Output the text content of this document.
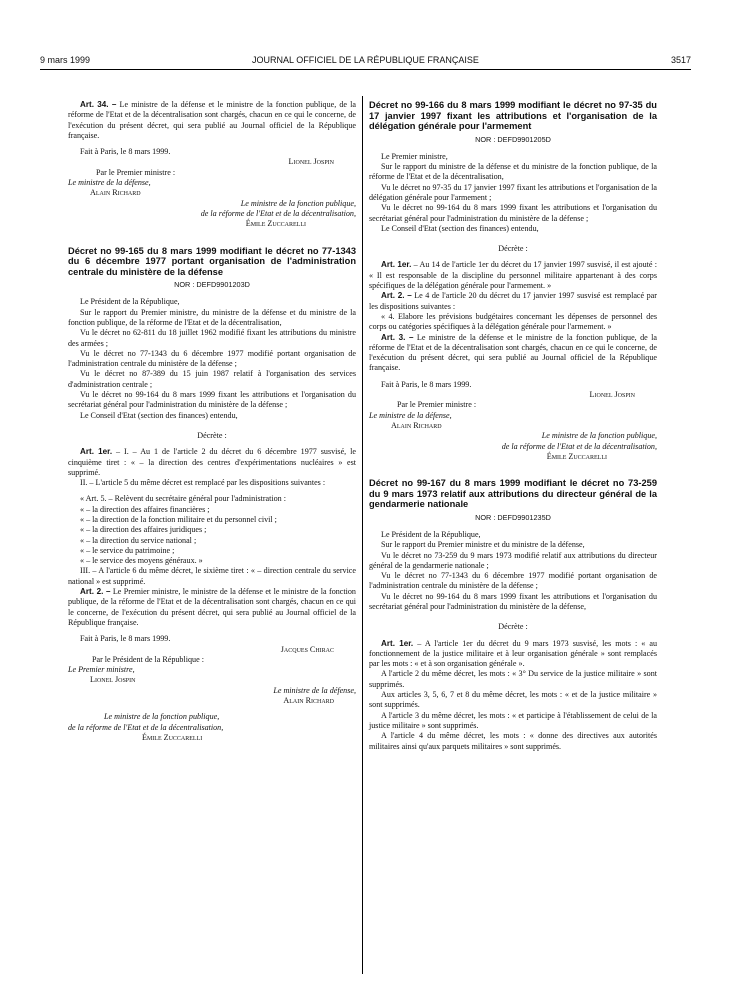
9 mars 1999	JOURNAL OFFICIEL DE LA RÉPUBLIQUE FRANÇAISE	3517

Art. 34. – Le ministre de la défense et le ministre de la fonction publique, de la réforme de l'Etat et de la décentralisation sont chargés, chacun en ce qui le concerne, de l'exécution du présent décret, qui sera publié au Journal officiel de la République française.

Fait à Paris, le 8 mars 1999.

Lionel Jospin

Par le Premier ministre :

Le ministre de la défense,

Alain Richard

Le ministre de la fonction publique,

de la réforme de l'Etat et de la décentralisation,

Émile Zuccarelli

Décret no 99-165 du 8 mars 1999 modifiant le décret no 77-1343 du 6 décembre 1977 portant organisation de l'administration centrale du ministère de la défense

NOR : DEFD9901203D

Le Président de la République,

Sur le rapport du Premier ministre, du ministre de la défense et du ministre de la fonction publique, de la réforme de l'Etat et de la décentralisation,

Vu le décret no 62-811 du 18 juillet 1962 modifié fixant les attributions du ministre des armées ;

Vu le décret no 77-1343 du 6 décembre 1977 modifié portant organisation de l'administration centrale du ministère de la défense ;

Vu le décret no 87-389 du 15 juin 1987 relatif à l'organisation des services d'administration centrale ;

Vu le décret no 99-164 du 8 mars 1999 fixant les attributions et l'organisation du secrétariat général pour l'administration du ministère de la défense ;

Le Conseil d'Etat (section des finances) entendu,

Décrète :

Art. 1er. – I. – Au 1 de l'article 2 du décret du 6 décembre 1977 susvisé, le cinquième tiret : « – la direction des centres d'expérimentations nucléaires » est supprimé.

II. – L'article 5 du même décret est remplacé par les dispositions suivantes :

« Art. 5. – Relèvent du secrétaire général pour l'administration :

« – la direction des affaires financières ;

« – la direction de la fonction militaire et du personnel civil ;

« – la direction des affaires juridiques ;

« – la direction du service national ;

« – le service du patrimoine ;

« – le service des moyens généraux. »

III. – A l'article 6 du même décret, le sixième tiret : « – direction centrale du service national » est supprimé.

Art. 2. – Le Premier ministre, le ministre de la défense et le ministre de la fonction publique, de la réforme de l'Etat et de la décentralisation sont chargés, chacun en ce qui le concerne, de l'exécution du présent décret, qui sera publié au Journal officiel de la République française.

Fait à Paris, le 8 mars 1999.

Jacques Chirac

Par le Président de la République :

Le Premier ministre,

Lionel Jospin

Le ministre de la défense,

Alain Richard

Le ministre de la fonction publique,

de la réforme de l'Etat et de la décentralisation,

Émile Zuccarelli

Décret no 99-166 du 8 mars 1999 modifiant le décret no 97-35 du 17 janvier 1997 fixant les attributions et l'organisation de la délégation générale pour l'armement

NOR : DEFD9901205D

Le Premier ministre,

Sur le rapport du ministre de la défense et du ministre de la fonction publique, de la réforme de l'Etat et de la décentralisation,

Vu le décret no 97-35 du 17 janvier 1997 fixant les attributions et l'organisation de la délégation générale pour l'armement ;

Vu le décret no 99-164 du 8 mars 1999 fixant les attributions et l'organisation du secrétariat général pour l'administration du ministère de la défense ;

Le Conseil d'Etat (section des finances) entendu,

Décrète :

Art. 1er. – Au 14 de l'article 1er du décret du 17 janvier 1997 susvisé, il est ajouté : « Il est responsable de la discipline du personnel militaire appartenant à des corps spécifiques de la délégation générale pour l'armement. »

Art. 2. – Le 4 de l'article 20 du décret du 17 janvier 1997 susvisé est remplacé par les dispositions suivantes :

« 4. Elabore les prévisions budgétaires concernant les dépenses de personnel des corps ou catégories spécifiques à la délégation générale pour l'armement. »

Art. 3. – Le ministre de la défense et le ministre de la fonction publique, de la réforme de l'Etat et de la décentralisation sont chargés, chacun en ce qui le concerne, de l'exécution du présent décret, qui sera publié au Journal officiel de la République française.

Fait à Paris, le 8 mars 1999.

Lionel Jospin

Par le Premier ministre :

Le ministre de la défense,

Alain Richard

Le ministre de la fonction publique,

de la réforme de l'Etat et de la décentralisation,

Émile Zuccarelli

Décret no 99-167 du 8 mars 1999 modifiant le décret no 73-259 du 9 mars 1973 relatif aux attributions du directeur général de la gendarmerie nationale

NOR : DEFD9901235D

Le Président de la République,

Sur le rapport du Premier ministre et du ministre de la défense,

Vu le décret no 73-259 du 9 mars 1973 modifié relatif aux attributions du directeur général de la gendarmerie nationale ;

Vu le décret no 77-1343 du 6 décembre 1977 modifié portant organisation de l'administration centrale du ministère de la défense ;

Vu le décret no 99-164 du 8 mars 1999 fixant les attributions et l'organisation du secrétariat général pour l'administration du ministère de la défense,

Décrète :

Art. 1er. – A l'article 1er du décret du 9 mars 1973 susvisé, les mots : « au fonctionnement de la justice militaire et à leur organisation générale » sont remplacés par les mots : « et à son organisation générale ».

A l'article 2 du même décret, les mots : « 3° Du service de la justice militaire » sont supprimés.

Aux articles 3, 5, 6, 7 et 8 du même décret, les mots : « et de la justice militaire » sont supprimés.

A l'article 3 du même décret, les mots : « et participe à l'établissement de celui de la justice militaire » sont supprimés.

A l'article 4 du même décret, les mots : « donne des directives aux autorités militaires ainsi qu'aux parquets militaires » sont supprimés.
